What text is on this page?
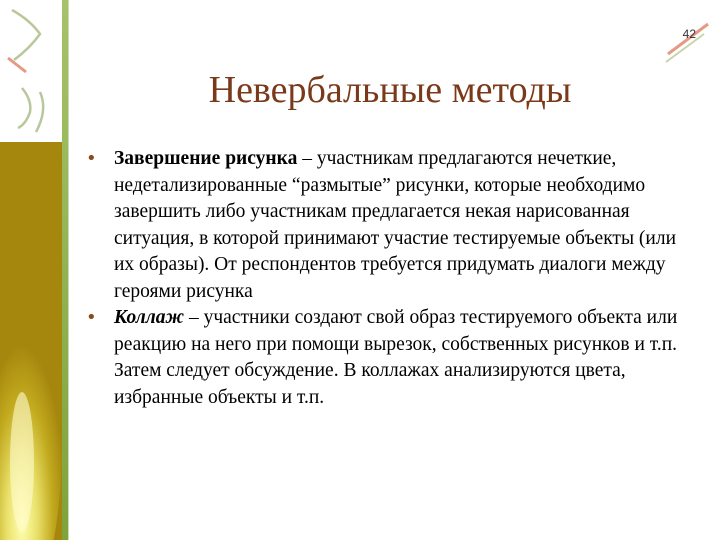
42
Невербальные методы

• Завершение рисунка – участникам предлагаются нечеткие, недетализированные “размытые” рисунки, которые необходимо завершить либо участникам предлагается некая нарисованная ситуация, в которой принимают участие тестируемые объекты (или их образы). От респондентов требуется придумать диалоги между героями рисунка

• Коллаж – участники создают свой образ тестируемого объекта или реакцию на него при помощи вырезок, собственных рисунков и т.п. Затем следует обсуждение. В коллажах анализируются цвета, избранные объекты и т.п.
